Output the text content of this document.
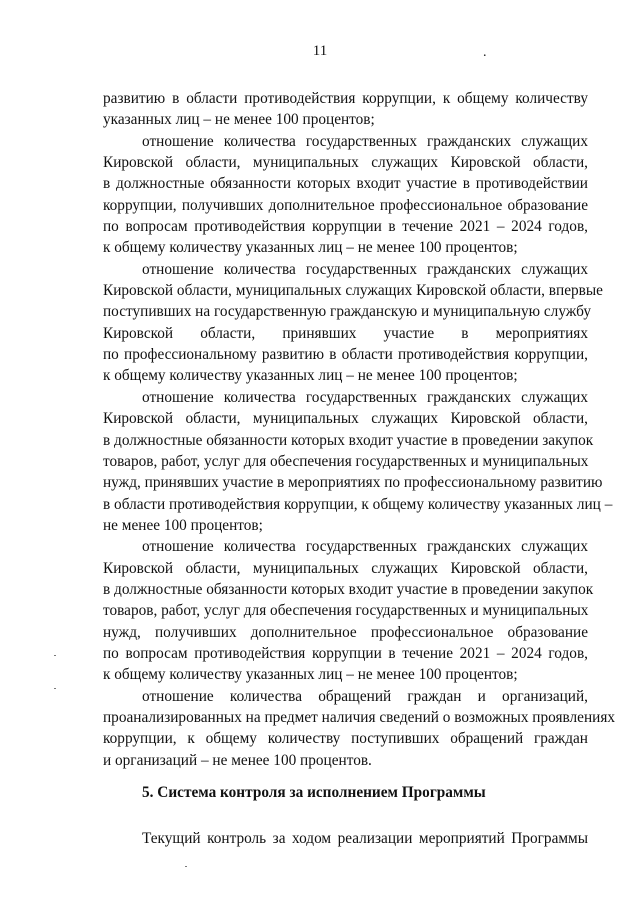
11	.
развитию в области противодействия коррупции, к общему количеству
указанных лиц – не менее 100 процентов;
отношение количества государственных гражданских служащих
Кировской области, муниципальных служащих Кировской области,
в должностные обязанности которых входит участие в противодействии
коррупции, получивших дополнительное профессиональное образование
по вопросам противодействия коррупции в течение 2021 – 2024 годов,
к общему количеству указанных лиц – не менее 100 процентов;
отношение количества государственных гражданских служащих
Кировской области, муниципальных служащих Кировской области, впервые
поступивших на государственную гражданскую и муниципальную службу
Кировской области, принявших участие в мероприятиях
по профессиональному развитию в области противодействия коррупции,
к общему количеству указанных лиц – не менее 100 процентов;
отношение количества государственных гражданских служащих
Кировской области, муниципальных служащих Кировской области,
в должностные обязанности которых входит участие в проведении закупок
товаров, работ, услуг для обеспечения государственных и муниципальных
нужд, принявших участие в мероприятиях по профессиональному развитию
в области противодействия коррупции, к общему количеству указанных лиц –
не менее 100 процентов;
отношение количества государственных гражданских служащих
Кировской области, муниципальных служащих Кировской области,
в должностные обязанности которых входит участие в проведении закупок
товаров, работ, услуг для обеспечения государственных и муниципальных
нужд, получивших дополнительное профессиональное образование
по вопросам противодействия коррупции в течение 2021 – 2024 годов,
к общему количеству указанных лиц – не менее 100 процентов;
отношение количества обращений граждан и организаций,
проанализированных на предмет наличия сведений о возможных проявлениях
коррупции, к общему количеству поступивших обращений граждан
и организаций – не менее 100 процентов.
5. Система контроля за исполнением Программы
Текущий контроль за ходом реализации мероприятий Программы
